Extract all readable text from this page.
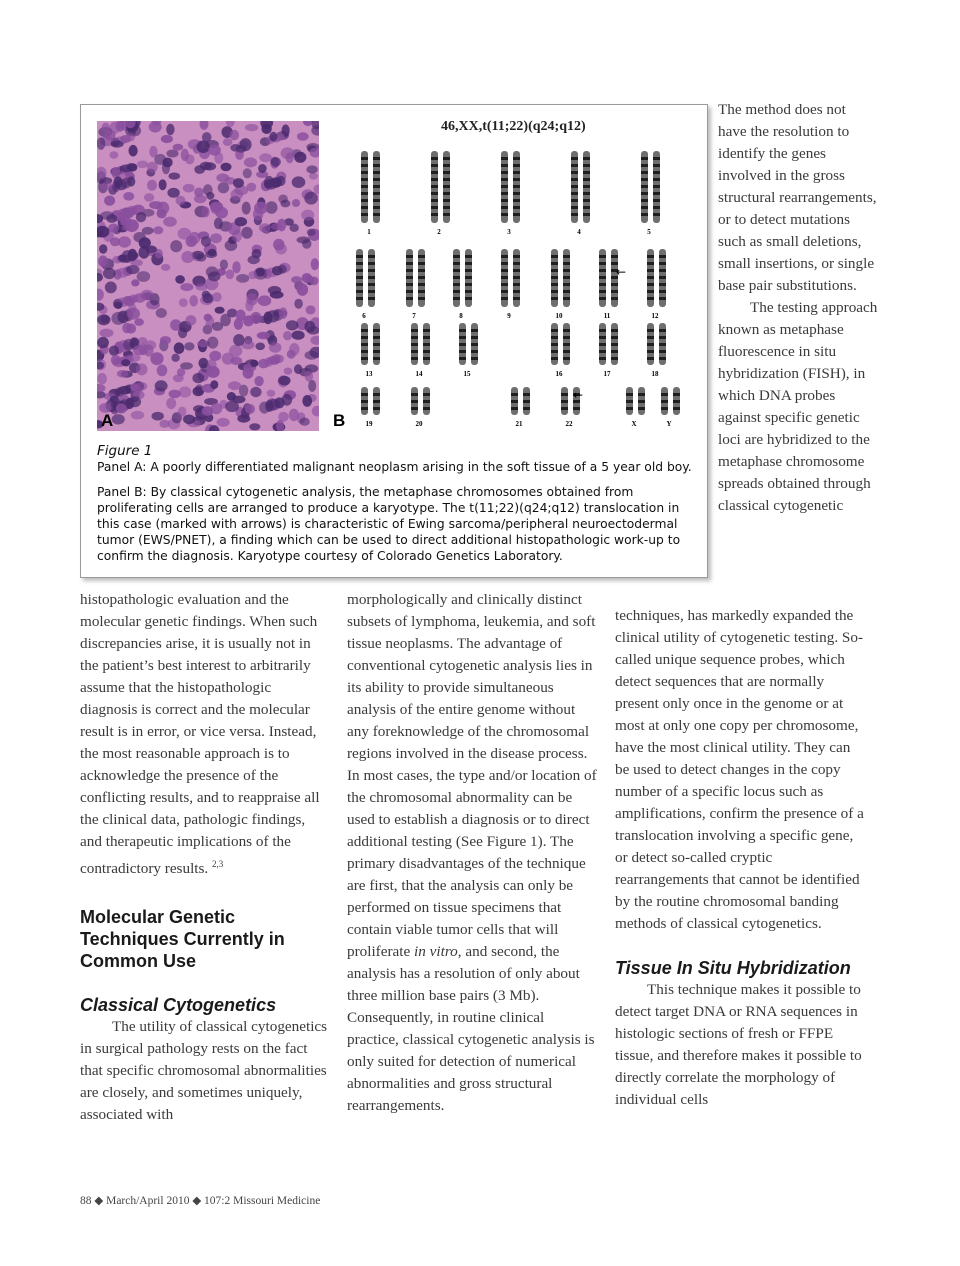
A	B
46,XX,t(11;22)(q24;q12)
1	2	3	4	5
6	7	8	9	10	11	12
13	14	15	16	17	18
19	20	21	22	X	Y
←
←

Figure 1

Panel A: A poorly differentiated malignant neoplasm arising in the soft tissue of a 5 year old boy.

Panel B: By classical cytogenetic analysis, the metaphase chromosomes obtained from proliferating cells are arranged to produce a karyotype. The t(11;22)(q24;q12) translocation in this case (marked with arrows) is characteristic of Ewing sarcoma/peripheral neuroectodermal tumor (EWS/PNET), a finding which can be used to direct additional histopathologic work-up to confirm the diagnosis. Karyotype courtesy of Colorado Genetics Laboratory.

The method does not have the resolution to identify the genes involved in the gross structural rearrangements, or to detect mutations such as small deletions, small insertions, or single base pair substitutions.

The testing approach known as metaphase fluorescence in situ hybridization (FISH), in which DNA probes against specific genetic loci are hybridized to the metaphase chromosome spreads obtained through classical cytogenetic

histopathologic evaluation and the molecular genetic findings. When such discrepancies arise, it is usually not in the patient’s best interest to arbitrarily assume that the histopathologic diagnosis is correct and the molecular result is in error, or vice versa. Instead, the most reasonable approach is to acknowledge the presence of the conflicting results, and to reappraise all the clinical data, pathologic findings, and therapeutic implications of the contradictory results. $^{2,3}$

Molecular Genetic Techniques Currently in Common Use
Classical Cytogenetics

The utility of classical cytogenetics in surgical pathology rests on the fact that specific chromosomal abnormalities are closely, and sometimes uniquely, associated with

morphologically and clinically distinct subsets of lymphoma, leukemia, and soft tissue neoplasms. The advantage of conventional cytogenetic analysis lies in its ability to provide simultaneous analysis of the entire genome without any foreknowledge of the chromosomal regions involved in the disease process. In most cases, the type and/or location of the chromosomal abnormality can be used to establish a diagnosis or to direct additional testing (See Figure 1). The primary disadvantages of the technique are first, that the analysis can only be performed on tissue specimens that contain viable tumor cells that will proliferate in vitro, and second, the analysis has a resolution of only about three million base pairs (3 Mb). Consequently, in routine clinical practice, classical cytogenetic analysis is only suited for detection of numerical abnormalities and gross structural rearrangements.

techniques, has markedly expanded the clinical utility of cytogenetic testing. So-called unique sequence probes, which detect sequences that are normally present only once in the genome or at most at only one copy per chromosome, have the most clinical utility. They can be used to detect changes in the copy number of a specific locus such as amplifications, confirm the presence of a translocation involving a specific gene, or detect so-called cryptic rearrangements that cannot be identified by the routine chromosomal banding methods of classical cytogenetics.

Tissue In Situ Hybridization

This technique makes it possible to detect target DNA or RNA sequences in histologic sections of fresh or FFPE tissue, and therefore makes it possible to directly correlate the morphology of individual cells

88 ◆ March/April 2010 ◆ 107:2 Missouri Medicine
